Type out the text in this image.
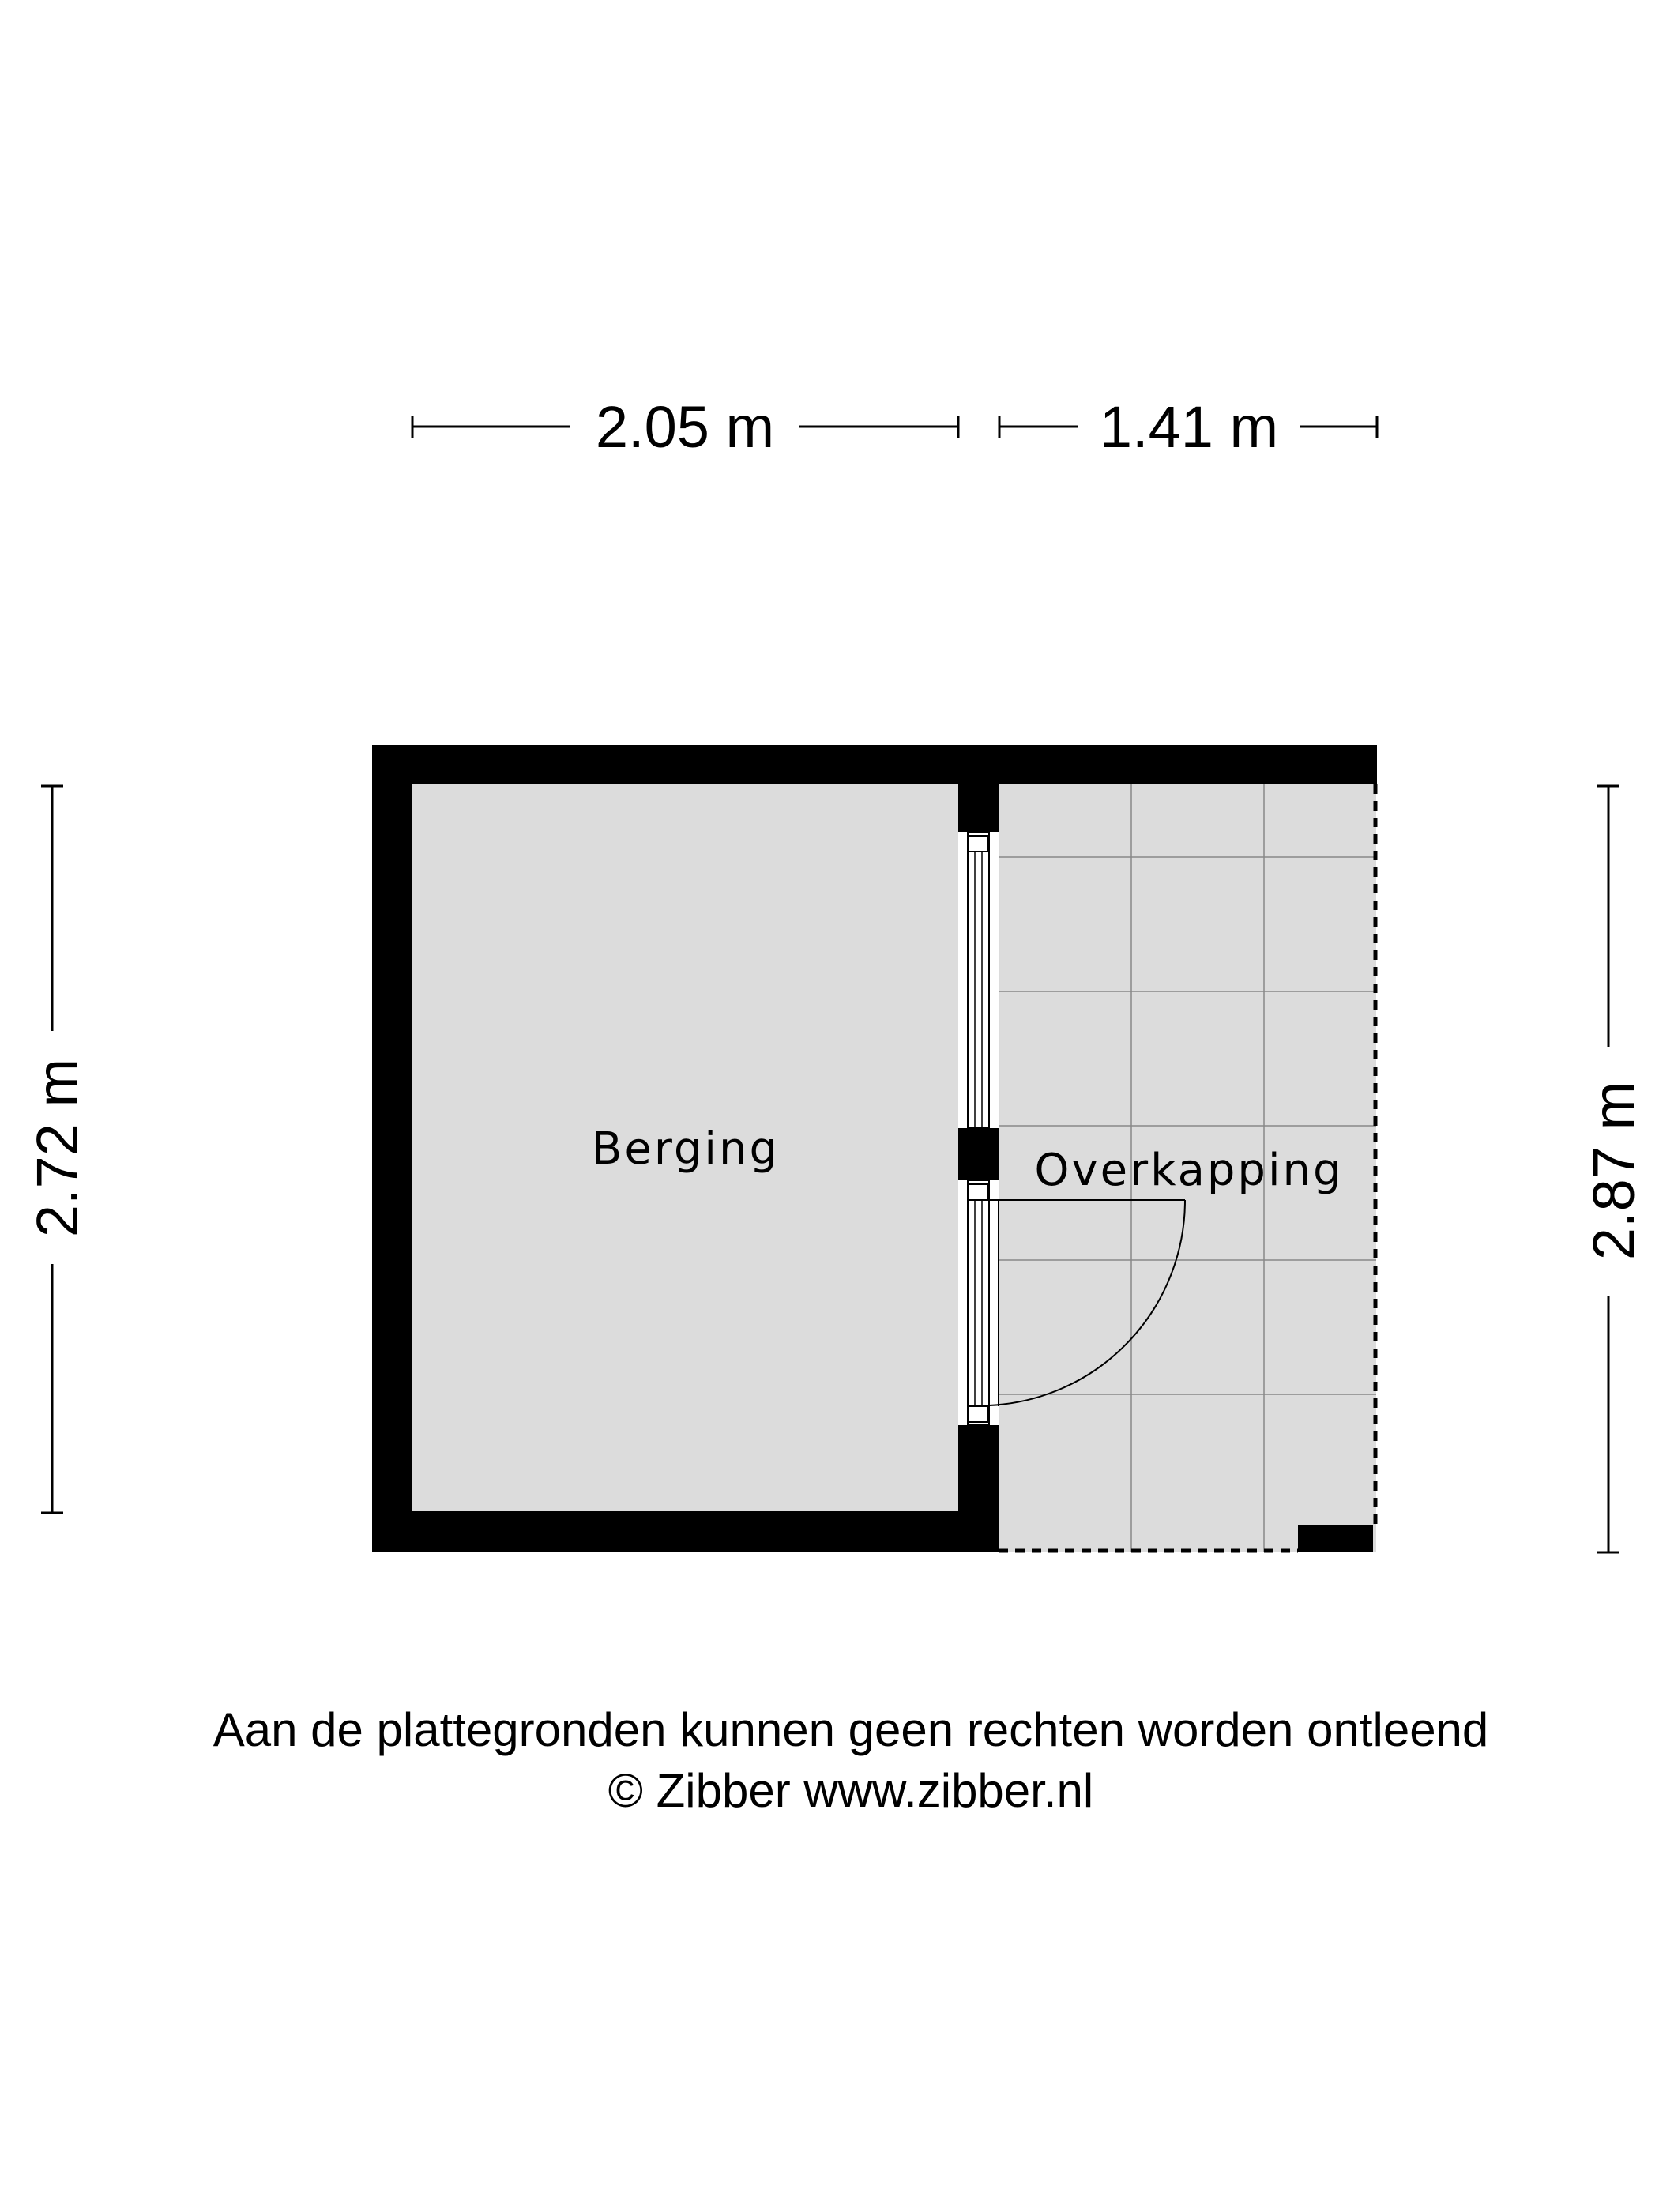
2.05 m	1.41 m
2.72 m	2.87 m
Berging	Overkapping
Aan de plattegronden kunnen geen rechten worden ontleend
© Zibber www.zibber.nl
